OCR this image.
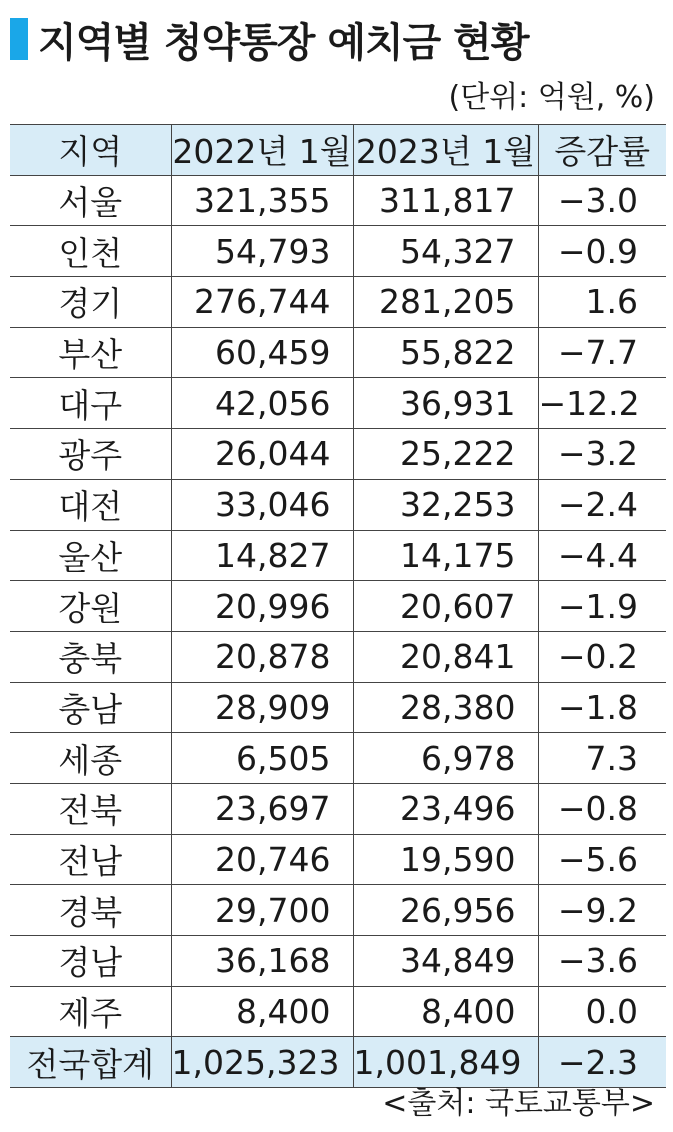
지역별 청약통장 예치금 현황
(단위: 억원, %)
지역	2022년 1월	2023년 1월	증감률
서울	321,355	311,817	−3.0
인천	54,793	54,327	−0.9
경기	276,744	281,205	1.6
부산	60,459	55,822	−7.7
대구	42,056	36,931	−12.2
광주	26,044	25,222	−3.2
대전	33,046	32,253	−2.4
울산	14,827	14,175	−4.4
강원	20,996	20,607	−1.9
충북	20,878	20,841	−0.2
충남	28,909	28,380	−1.8
세종	6,505	6,978	7.3
전북	23,697	23,496	−0.8
전남	20,746	19,590	−5.6
경북	29,700	26,956	−9.2
경남	36,168	34,849	−3.6
제주	8,400	8,400	0.0
전국합계	1,025,323	1,001,849	−2.3
<출처: 국토교통부>
